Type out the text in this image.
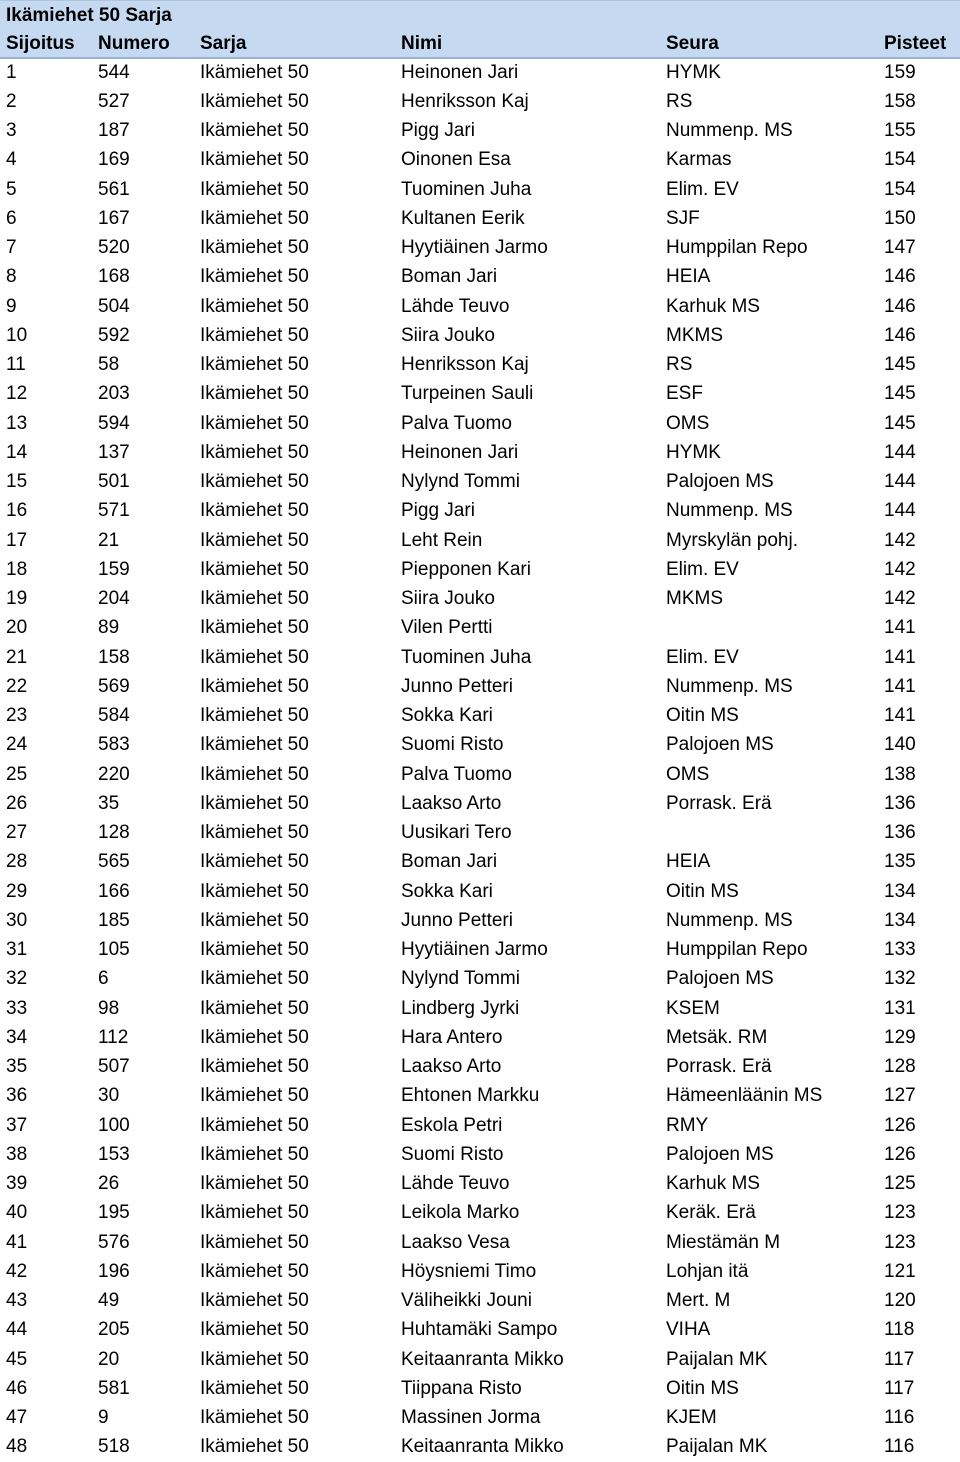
Ikämiehet 50 Sarja
Sijoitus	Numero	Sarja	Nimi	Seura	Pisteet
1	544	Ikämiehet 50	Heinonen Jari	HYMK	159
2	527	Ikämiehet 50	Henriksson Kaj	RS	158
3	187	Ikämiehet 50	Pigg Jari	Nummenp. MS	155
4	169	Ikämiehet 50	Oinonen Esa	Karmas	154
5	561	Ikämiehet 50	Tuominen Juha	Elim. EV	154
6	167	Ikämiehet 50	Kultanen Eerik	SJF	150
7	520	Ikämiehet 50	Hyytiäinen Jarmo	Humppilan Repo	147
8	168	Ikämiehet 50	Boman Jari	HEIA	146
9	504	Ikämiehet 50	Lähde Teuvo	Karhuk MS	146
10	592	Ikämiehet 50	Siira Jouko	MKMS	146
11	58	Ikämiehet 50	Henriksson Kaj	RS	145
12	203	Ikämiehet 50	Turpeinen Sauli	ESF	145
13	594	Ikämiehet 50	Palva Tuomo	OMS	145
14	137	Ikämiehet 50	Heinonen Jari	HYMK	144
15	501	Ikämiehet 50	Nylynd Tommi	Palojoen MS	144
16	571	Ikämiehet 50	Pigg Jari	Nummenp. MS	144
17	21	Ikämiehet 50	Leht Rein	Myrskylän pohj.	142
18	159	Ikämiehet 50	Piepponen Kari	Elim. EV	142
19	204	Ikämiehet 50	Siira Jouko	MKMS	142
20	89	Ikämiehet 50	Vilen Pertti		141
21	158	Ikämiehet 50	Tuominen Juha	Elim. EV	141
22	569	Ikämiehet 50	Junno Petteri	Nummenp. MS	141
23	584	Ikämiehet 50	Sokka Kari	Oitin MS	141
24	583	Ikämiehet 50	Suomi Risto	Palojoen MS	140
25	220	Ikämiehet 50	Palva Tuomo	OMS	138
26	35	Ikämiehet 50	Laakso Arto	Porrask. Erä	136
27	128	Ikämiehet 50	Uusikari Tero		136
28	565	Ikämiehet 50	Boman Jari	HEIA	135
29	166	Ikämiehet 50	Sokka Kari	Oitin MS	134
30	185	Ikämiehet 50	Junno Petteri	Nummenp. MS	134
31	105	Ikämiehet 50	Hyytiäinen Jarmo	Humppilan Repo	133
32	6	Ikämiehet 50	Nylynd Tommi	Palojoen MS	132
33	98	Ikämiehet 50	Lindberg Jyrki	KSEM	131
34	112	Ikämiehet 50	Hara Antero	Metsäk. RM	129
35	507	Ikämiehet 50	Laakso Arto	Porrask. Erä	128
36	30	Ikämiehet 50	Ehtonen Markku	Hämeenläänin MS	127
37	100	Ikämiehet 50	Eskola Petri	RMY	126
38	153	Ikämiehet 50	Suomi Risto	Palojoen MS	126
39	26	Ikämiehet 50	Lähde Teuvo	Karhuk MS	125
40	195	Ikämiehet 50	Leikola Marko	Keräk. Erä	123
41	576	Ikämiehet 50	Laakso Vesa	Miestämän M	123
42	196	Ikämiehet 50	Höysniemi Timo	Lohjan itä	121
43	49	Ikämiehet 50	Väliheikki Jouni	Mert. M	120
44	205	Ikämiehet 50	Huhtamäki Sampo	VIHA	118
45	20	Ikämiehet 50	Keitaanranta Mikko	Paijalan MK	117
46	581	Ikämiehet 50	Tiippana Risto	Oitin MS	117
47	9	Ikämiehet 50	Massinen Jorma	KJEM	116
48	518	Ikämiehet 50	Keitaanranta Mikko	Paijalan MK	116
